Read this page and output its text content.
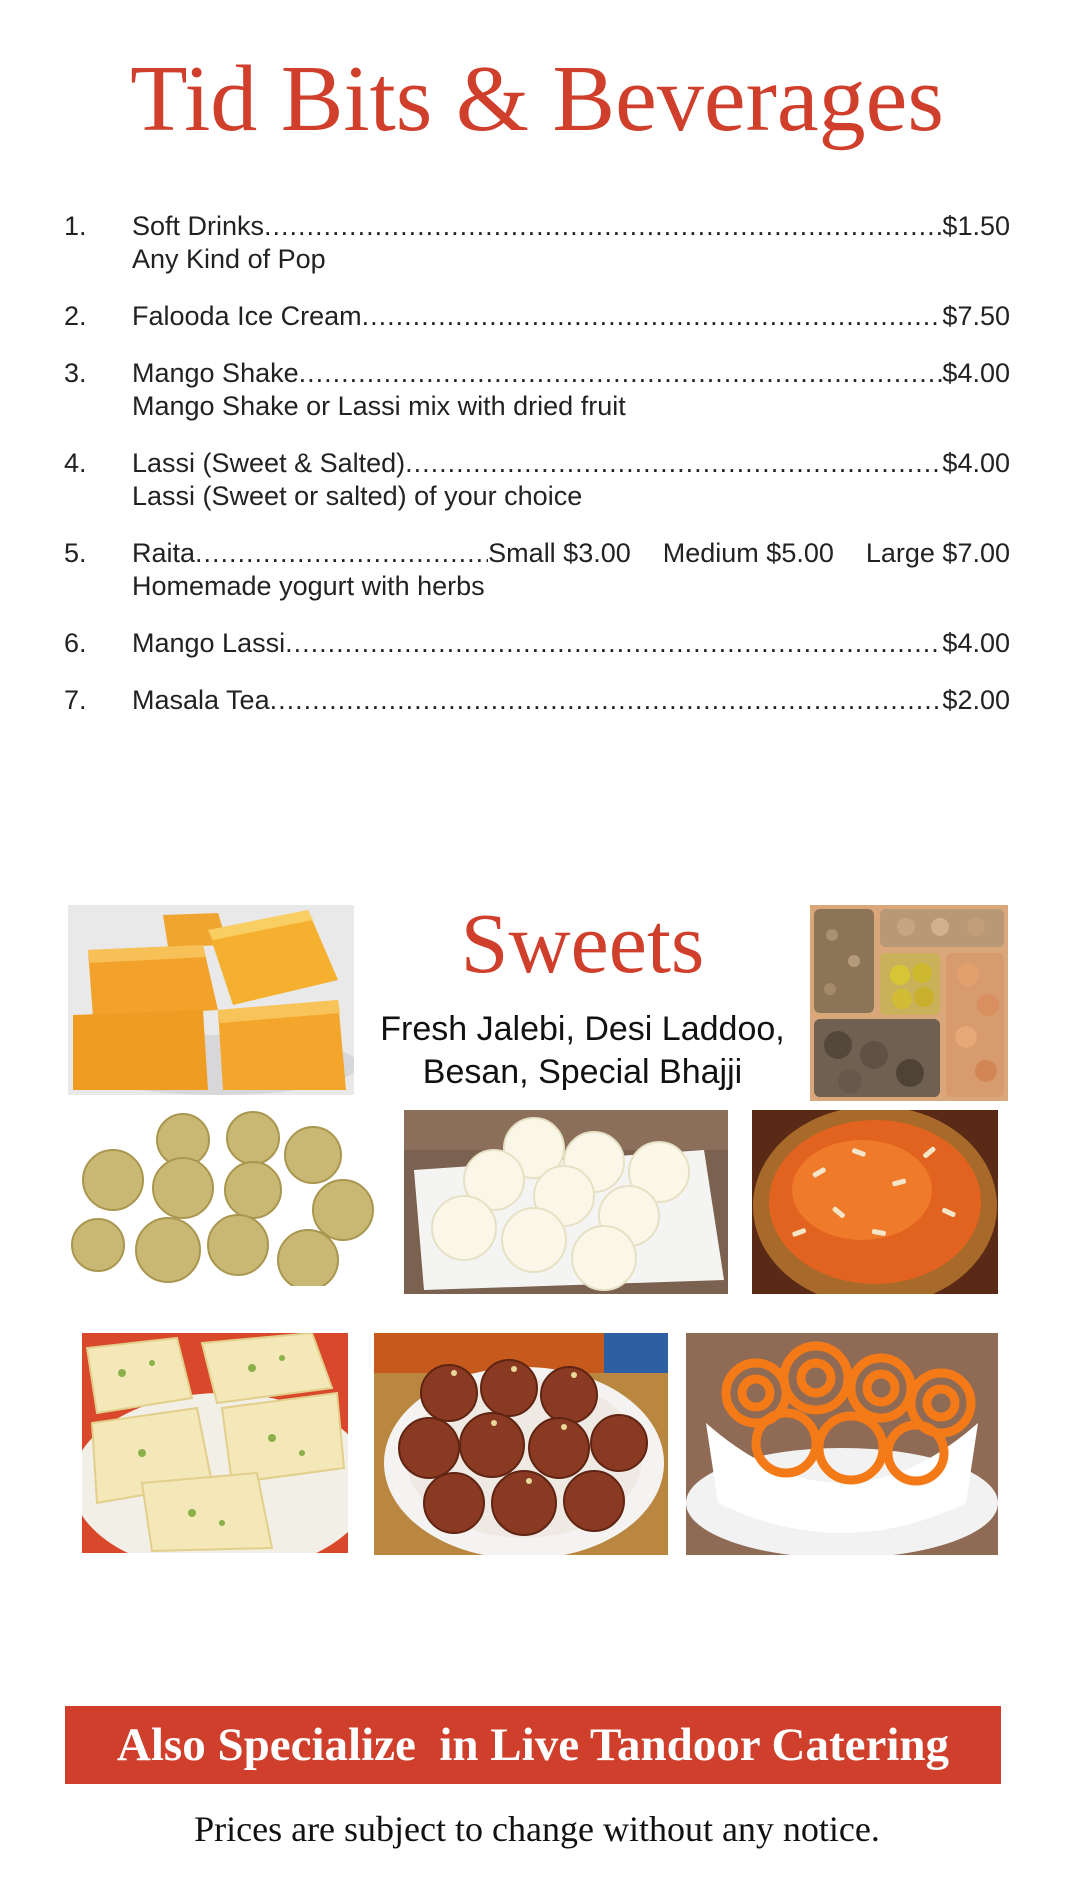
Tid Bits & Beverages
1. Soft Drinks .....	$1.50
Any Kind of Pop
2. Falooda Ice Cream .....	$7.50
3. Mango Shake .....	$4.00
Mango Shake or Lassi mix with dried fruit
4. Lassi (Sweet & Salted) .....	$4.00
Lassi (Sweet or salted) of your choice
5. Raita .....	Small $3.00 Medium $5.00 Large $7.00
Homemade yogurt with herbs
6. Mango Lassi .....	$4.00
7. Masala Tea .....	$2.00
Sweets
Fresh Jalebi, Desi Laddoo,
Besan, Special Bhajji
Also Specialize  in Live Tandoor Catering
Prices are subject to change without any notice.
